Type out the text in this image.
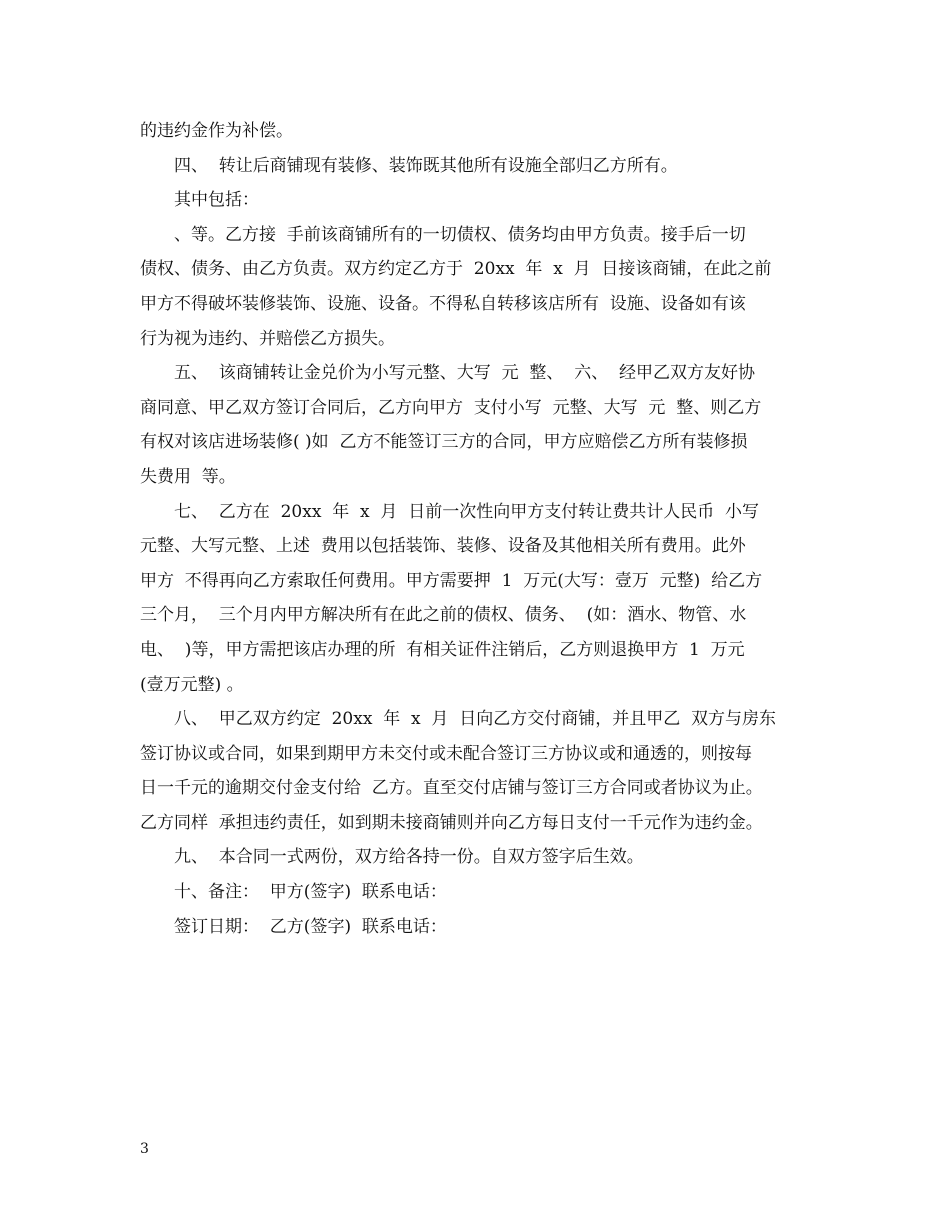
的违约金作为补偿。
四、  转让后商铺现有装修、装饰既其他所有设施全部归乙方所有。
其中包括：
、等。乙方接  手前该商铺所有的一切债权、债务均由甲方负责。接手后一切
债权、债务、由乙方负责。双方约定乙方于  20xx  年  x  月  日接该商铺，在此之前
甲方不得破坏装修装饰、设施、设备。不得私自转移该店所有  设施、设备如有该
行为视为违约、并赔偿乙方损失。
五、  该商铺转让金兑价为小写元整、大写  元  整、  六、  经甲乙双方友好协
商同意、甲乙双方签订合同后，乙方向甲方  支付小写  元整、大写  元  整、则乙方
有权对该店进场装修( )如  乙方不能签订三方的合同，甲方应赔偿乙方所有装修损
失费用  等。
七、  乙方在  20xx  年  x  月  日前一次性向甲方支付转让费共计人民币  小写
元整、大写元整、上述  费用以包括装饰、装修、设备及其他相关所有费用。此外
甲方  不得再向乙方索取任何费用。甲方需要押  1  万元(大写：壹万  元整)  给乙方
三个月，  三个月内甲方解决所有在此之前的债权、债务、  (如：酒水、物管、水
电、  )等，甲方需把该店办理的所  有相关证件注销后，乙方则退换甲方  1  万元
(壹万元整) 。
八、  甲乙双方约定  20xx  年  x  月  日向乙方交付商铺，并且甲乙  双方与房东
签订协议或合同，如果到期甲方未交付或未配合签订三方协议或和通透的，则按每
日一千元的逾期交付金支付给  乙方。直至交付店铺与签订三方合同或者协议为止。
乙方同样  承担违约责任，如到期未接商铺则并向乙方每日支付一千元作为违约金。
九、  本合同一式两份，双方给各持一份。自双方签字后生效。
十、备注：  甲方(签字)  联系电话：
签订日期：  乙方(签字)  联系电话：
3
